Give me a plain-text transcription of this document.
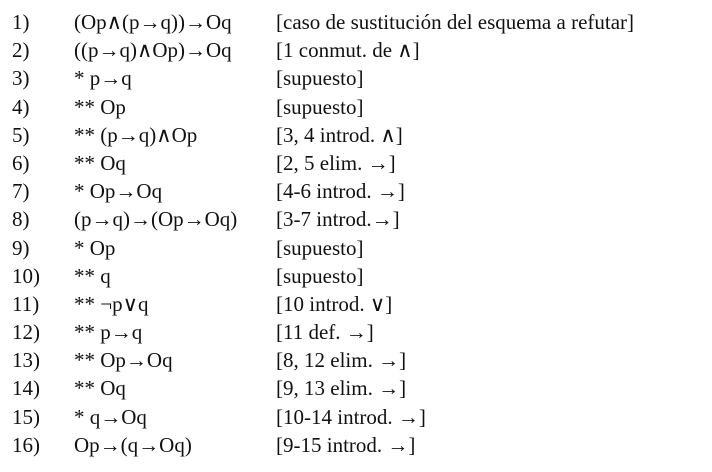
1)	(Op∧(p→q))→Oq [caso de sustitución del esquema a refutar]
2)	((p→q)∧Op)→Oq [1 conmut. de ∧]
3)	* p→q	[supuesto]
4)	** Op	[supuesto]
5)	** (p→q)∧Op	[3, 4 introd. ∧]
6)	** Oq	[2, 5 elim. →]
7)	* Op→Oq	[4-6 introd. →]
8)	(p→q)→(Op→Oq) [3-7 introd.→]
9)	* Op	[supuesto]
10)	** q	[supuesto]
11)	** ¬p∨q	[10 introd. ∨]
12)	** p→q	[11 def. →]
13)	** Op→Oq	[8, 12 elim. →]
14)	** Oq	[9, 13 elim. →]
15)	* q→Oq	[10-14 introd. →]
16)	Op→(q→Oq)	[9-15 introd. →]
